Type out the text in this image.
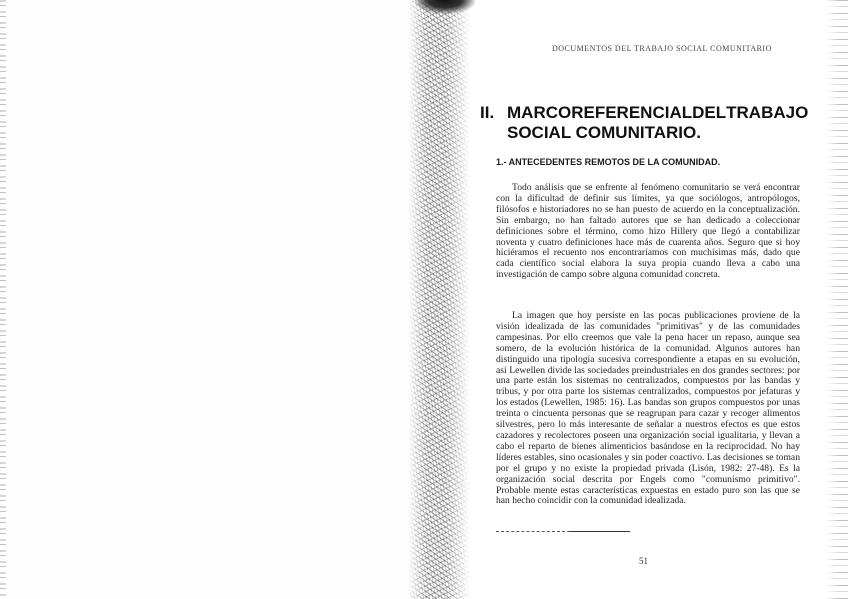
DOCUMENTOS DEL TRABAJO SOCIAL COMUNITARIO
II. MARCO REFERENCIAL DEL TRABAJO
SOCIAL COMUNITARIO.
1.- ANTECEDENTES REMOTOS DE LA COMUNIDAD.

Todo análisis que se enfrente al fenómeno comunitario se verá encontrar con la dificultad de definir sus límites, ya que sociólogos, antropólogos, filósofos e historiadores no se han puesto de acuerdo en la conceptualización. Sin embargo, no han faltado autores que se han dedicado a coleccionar definiciones sobre el término, como hizo Hillery que llegó a contabilizar noventa y cuatro definiciones hace más de cuarenta años. Seguro que si hoy hiciéramos el recuento nos encontraríamos con muchísimas más, dado que cada científico social elabora la suya propia cuando lleva a cabo una investigación de campo sobre alguna comunidad concreta.

La imagen que hoy persiste en las pocas publicaciones proviene de la visión idealizada de las comunidades "primitivas" y de las comunidades campesinas. Por ello creemos que vale la pena hacer un repaso, aunque sea somero, de la evolución histórica de la comunidad. Algunos autores han distinguido una tipología sucesiva correspondiente a etapas en su evolución, así Lewellen divide las sociedades preindustriales en dos grandes sectores: por una parte están los sistemas no centralizados, compuestos por las bandas y tribus, y por otra parte los sistemas centralizados, compuestos por jefaturas y los estados (Lewellen, 1985: 16). Las bandas son grupos compuestos por unas treinta o cincuenta personas que se reagrupan para cazar y recoger alimentos silvestres, pero lo más interesante de señalar a nuestros efectos es que estos cazadores y recolectores poseen una organización social igualitaria, y llevan a cabo el reparto de bienes alimenticios basándose en la reciprocidad. No hay líderes estables, sino ocasionales y sin poder coactivo. Las decisiones se toman por el grupo y no existe la propiedad privada (Lisón, 1982: 27-48). Es la organización social descrita por Engels como "comunismo primitivo". Probable mente estas características expuestas en estado puro son las que se han hecho coincidir con la comunidad idealizada.

51
